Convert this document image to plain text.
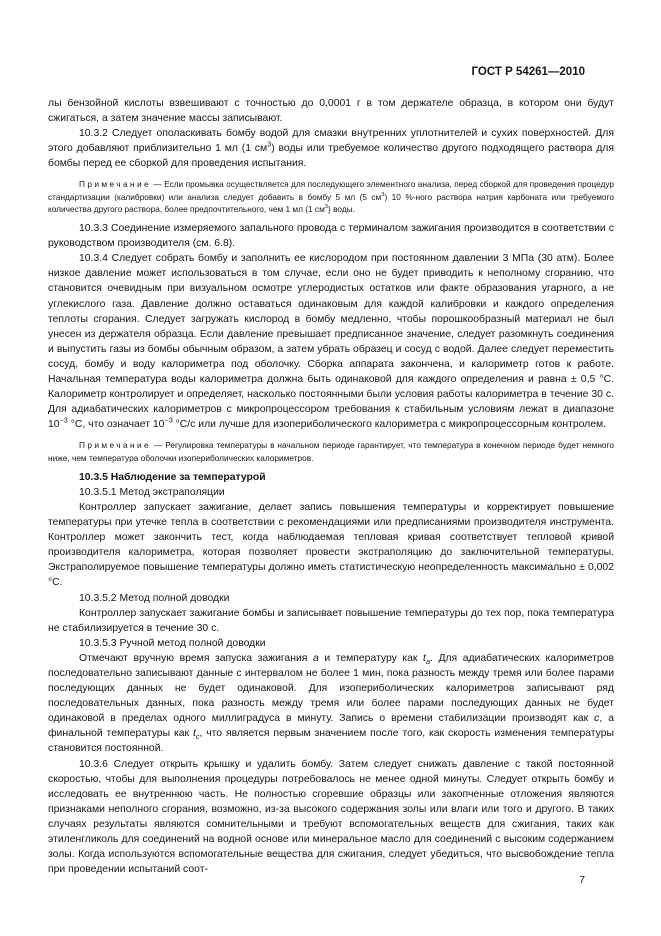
ГОСТ Р 54261—2010

лы бензойной кислоты взвешивают с точностью до 0,0001 г в том держателе образца, в котором они будут сжигаться, а затем значение массы записывают.

10.3.2 Следует ополаскивать бомбу водой для смазки внутренних уплотнителей и сухих поверхностей. Для этого добавляют приблизительно 1 мл (1 $см^3$) воды или требуемое количество другого подходящего раствора для бомбы перед ее сборкой для проведения испытания.

Примечание — Если промывка осуществляется для последующего элементного анализа, перед сборкой для проведения процедур стандартизации (калибровки) или анализа следует добавить в бомбу 5 мл (5 $см^3$) 10 %-ного раствора натрия карбоната или требуемого количества другого раствора, более предпочтительного, чем 1 мл (1 $см^3$) воды.

10.3.3 Соединение измеряемого запального провода с терминалом зажигания производится в соответствии с руководством производителя (см. 6.8).

10.3.4 Следует собрать бомбу и заполнить ее кислородом при постоянном давлении 3 МПа (30 атм). Более низкое давление может использоваться в том случае, если оно не будет приводить к неполному сгоранию, что становится очевидным при визуальном осмотре углеродистых остатков или факте образования угарного, а не углекислого газа. Давление должно оставаться одинаковым для каждой калибровки и каждого определения теплоты сгорания. Следует загружать кислород в бомбу медленно, чтобы порошкообразный материал не был унесен из держателя образца. Если давление превышает предписанное значение, следует разомкнуть соединения и выпустить газы из бомбы обычным образом, а затем убрать образец и сосуд с водой. Далее следует переместить сосуд, бомбу и воду калориметра под оболочку. Сборка аппарата закончена, и калориметр готов к работе. Начальная температура воды калориметра должна быть одинаковой для каждого определения и равна ± 0,5 °С. Калориметр контролирует и определяет, насколько постоянными были условия работы калориметра в течение 30 с. Для адиабатических калориметров с микропроцессором требования к стабильным условиям лежат в диапазоне $10^{-3}$ °С, что означает $10^{-3}$ °С/с или лучше для изопериболического калориметра с микропроцессорным контролем.

Примечание — Регулировка температуры в начальном периоде гарантирует, что температура в конечном периоде будет немного ниже, чем температура оболочки изопериболических калориметров.

10.3.5 Наблюдение за температурой

10.3.5.1 Метод экстраполяции

Контроллер запускает зажигание, делает запись повышения температуры и корректирует повышение температуры при утечке тепла в соответствии с рекомендациями или предписаниями производителя инструмента. Контроллер может закончить тест, когда наблюдаемая тепловая кривая соответствует тепловой кривой производителя калориметра, которая позволяет провести экстраполяцию до заключительной температуры. Экстраполируемое повышение температуры должно иметь статистическую неопределенность максимально ± 0,002 °С.

10.3.5.2 Метод полной доводки

Контроллер запускает зажигание бомбы и записывает повышение температуры до тех пор, пока температура не стабилизируется в течение 30 с.

10.3.5.3 Ручной метод полной доводки

Отмечают вручную время запуска зажигания а и температуру как $t_a$. Для адиабатических калориметров последовательно записывают данные с интервалом не более 1 мин, пока разность между тремя или более парами последующих данных не будет одинаковой. Для изопериболических калориметров записывают ряд последовательных данных, пока разность между тремя или более парами последующих данных не будет одинаковой в пределах одного миллиградуса в минуту. Запись о времени стабилизации производят как с, а финальной температуры как $t_c$, что является первым значением после того, как скорость изменения температуры становится постоянной.

10.3.6 Следует открыть крышку и удалить бомбу. Затем следует снижать давление с такой постоянной скоростью, чтобы для выполнения процедуры потребовалось не менее одной минуты. Следует открыть бомбу и исследовать ее внутреннюю часть. Не полностью сгоревшие образцы или закопченные отложения являются признаками неполного сгорания, возможно, из-за высокого содержания золы или влаги или того и другого. В таких случаях результаты являются сомнительными и требуют вспомогательных веществ для сжигания, таких как этиленгликоль для соединений на водной основе или минеральное масло для соединений с высоким содержанием золы. Когда используются вспомогательные вещества для сжигания, следует убедиться, что высвобождение тепла при проведении испытаний соот-

7
